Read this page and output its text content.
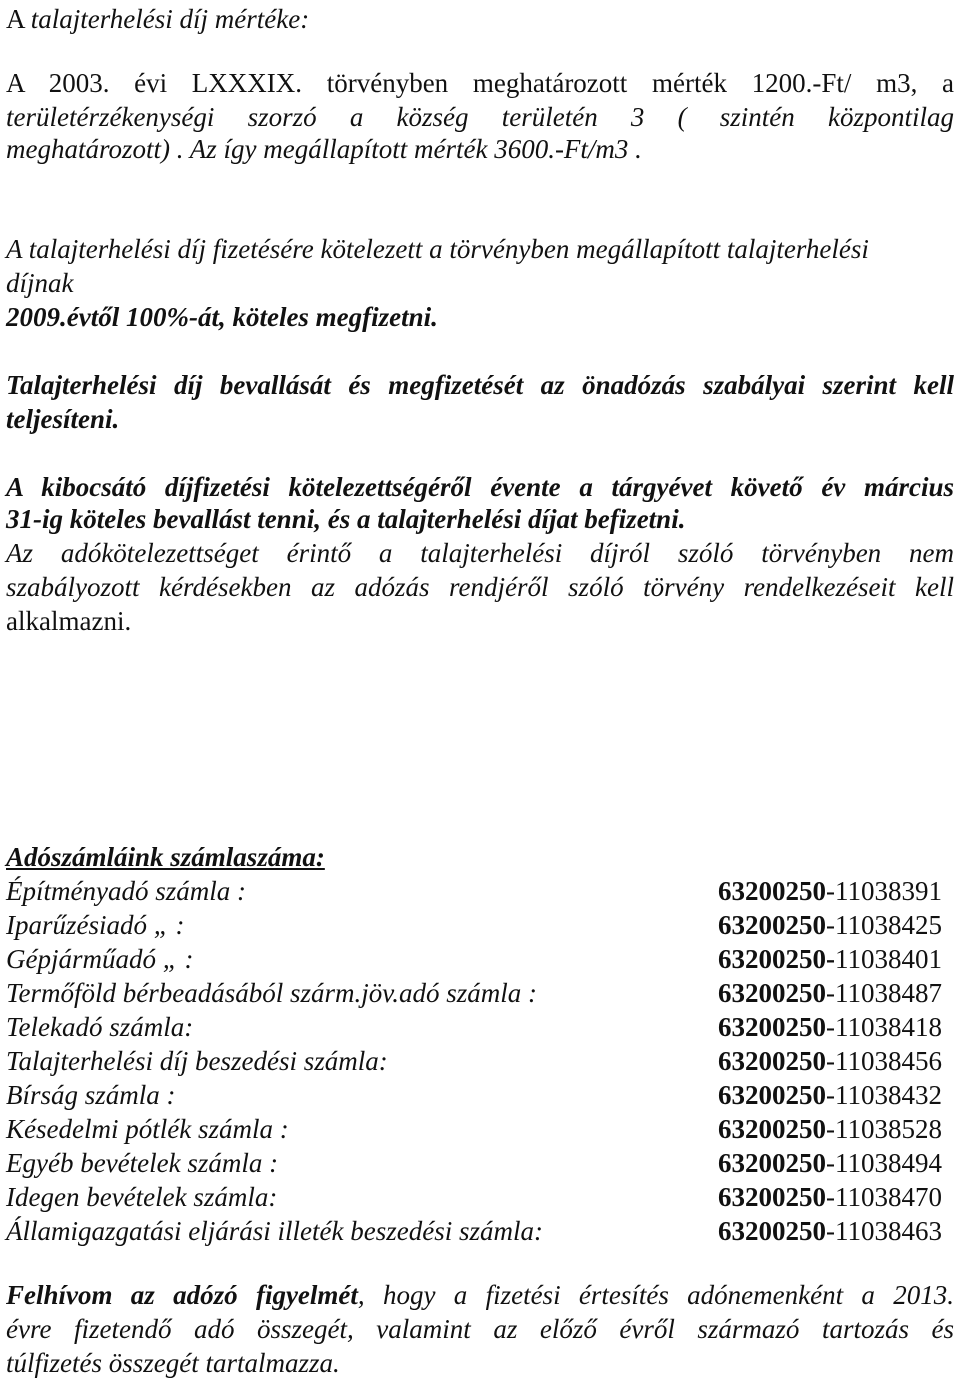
A talajterhelési díj mértéke:
A 2003. évi LXXXIX. törvényben meghatározott mérték 1200.-Ft/ m3, a
területérzékenységi szorzó a község területén 3 ( szintén központilag
meghatározott) . Az így megállapított mérték 3600.-Ft/m3 .
A talajterhelési díj fizetésére kötelezett a törvényben megállapított talajterhelési
díjnak
2009.évtől 100%-át, köteles megfizetni.
Talajterhelési díj bevallását és megfizetését az önadózás szabályai szerint kell
teljesíteni.
A kibocsátó díjfizetési kötelezettségéről évente a tárgyévet követő év március
31-ig köteles bevallást tenni, és a talajterhelési díjat befizetni.
Az adókötelezettséget érintő a talajterhelési díjról szóló törvényben nem
szabályozott kérdésekben az adózás rendjéről szóló törvény rendelkezéseit kell
alkalmazni.
Adószámláink számlaszáma:
Építményadó számla :	63200250-11038391
Iparűzésiadó „ :	63200250-11038425
Gépjárműadó „ :	63200250-11038401
Termőföld bérbeadásából szárm.jöv.adó számla :	63200250-11038487
Telekadó számla:	63200250-11038418
Talajterhelési díj beszedési számla:	63200250-11038456
Bírság számla :	63200250-11038432
Késedelmi pótlék számla :	63200250-11038528
Egyéb bevételek számla :	63200250-11038494
Idegen bevételek számla:	63200250-11038470
Államigazgatási eljárási illeték beszedési számla:	63200250-11038463
Felhívom az adózó figyelmét, hogy a fizetési értesítés adónemenként a 2013.
évre fizetendő adó összegét, valamint az előző évről származó tartozás és
túlfizetés összegét tartalmazza.
